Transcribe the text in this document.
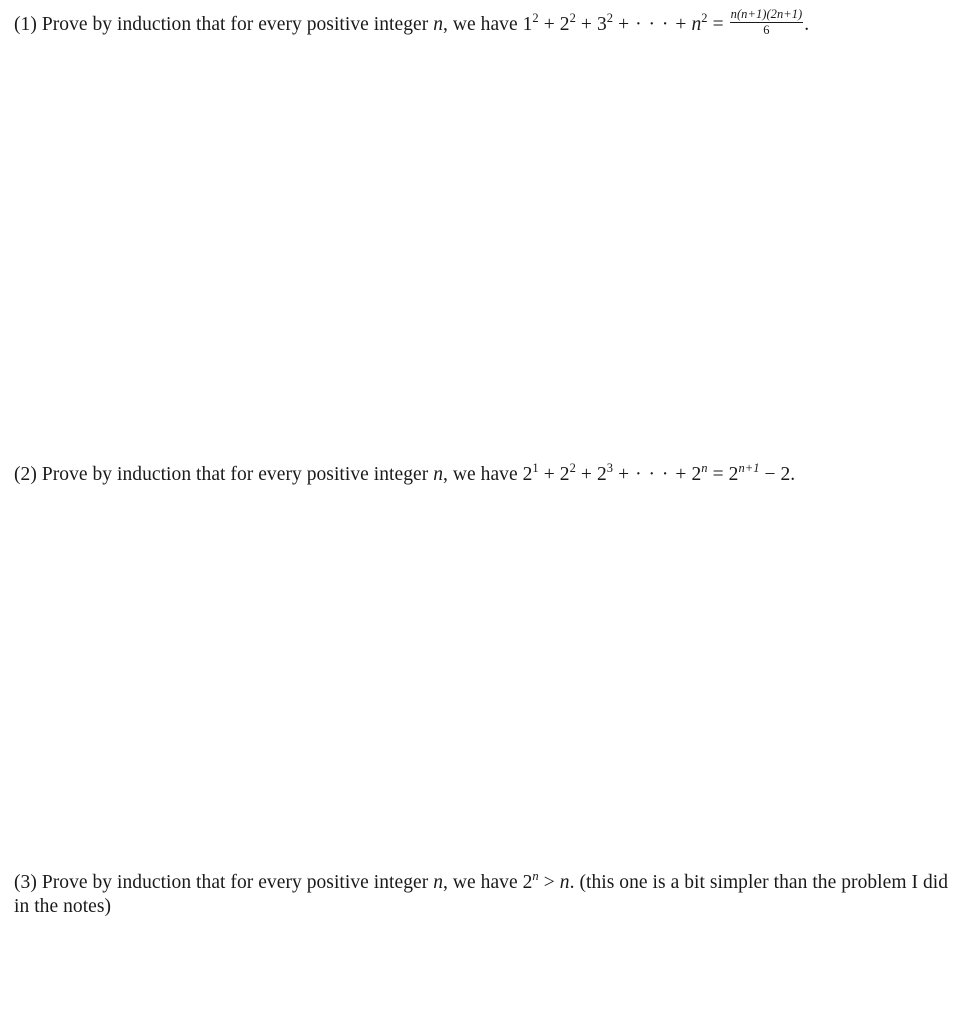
(1) Prove by induction that for every positive integer n, we have $1^2 + 2^2 + 3^2$ + · · · + $n^2 = \frac{n(n+1)(2n+1)}{6}$ .
(2) Prove by induction that for every positive integer n, we have $2^1 + 2^2 + 2^3$ + · · · + $2^n = 2^{n+1} - 2$.
(3) Prove by induction that for every positive integer n, we have $2^n > n$. (this one is a bit simpler than the problem I did in the notes)
